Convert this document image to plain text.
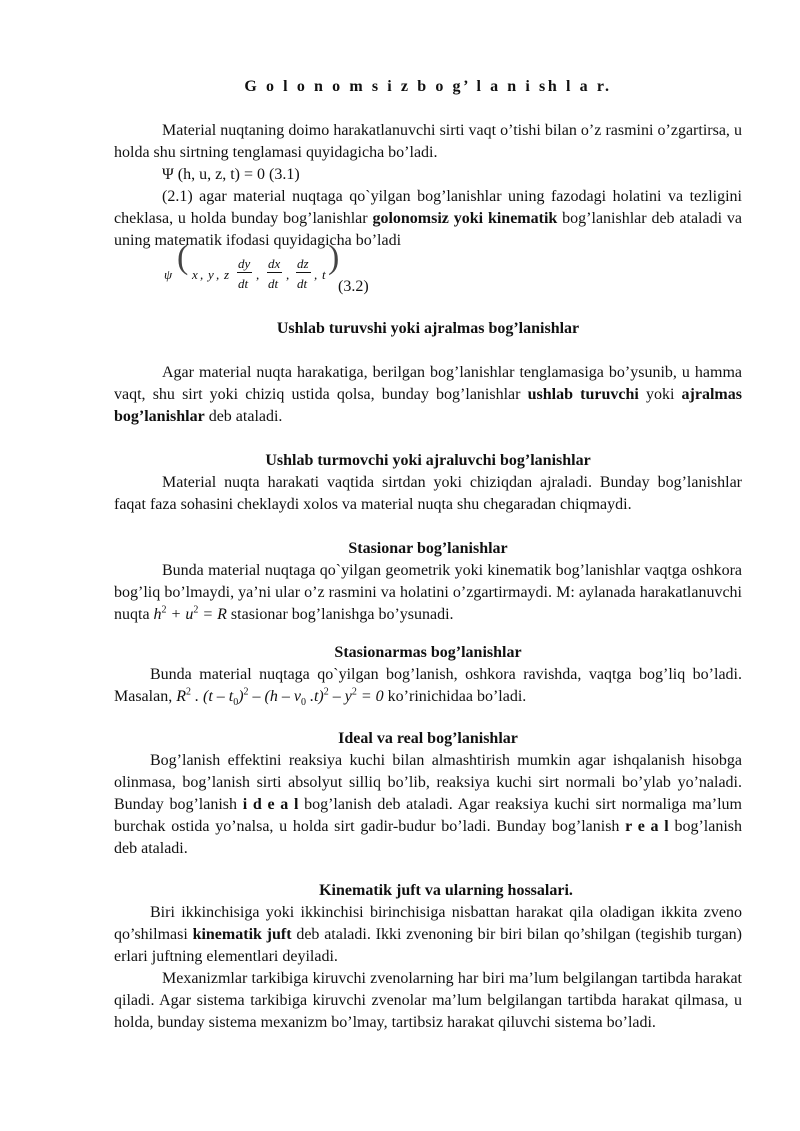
G o l o n o m s i z b o g’ l a n i sh l a r.

Material nuqtaning doimo harakatlanuvchi sirti vaqt o’tishi bilan o’z rasmini o’zgartirsa, u holda shu sirtning tenglamasi quyidagicha bo’ladi.

Ψ (h, u, z, t) = 0 (3.1)

(2.1) agar material nuqtaga qo`yilgan bog’lanishlar uning fazodagi holatini va tezligini cheklasa, u holda bunday bog’lanishlar golonomsiz yoki kinematik bog’lanishlar deb ataladi va uning matematik ifodasi quyidagicha bo’ladi

ψ ( x , y , z
dy
dt
,
dx
dt
,
dz
dt
, t )

(3.2)

Ushlab turuvshi yoki ajralmas bog’lanishlar

Agar material nuqta harakatiga, berilgan bog’lanishlar tenglamasiga bo’ysunib, u hamma vaqt, shu sirt yoki chiziq ustida qolsa, bunday bog’lanishlar ushlab turuvchi yoki ajralmas bog’lanishlar deb ataladi.

Ushlab turmovchi yoki ajraluvchi bog’lanishlar

Material nuqta harakati vaqtida sirtdan yoki chiziqdan ajraladi. Bunday bog’lanishlar faqat faza sohasini cheklaydi xolos va material nuqta shu chegaradan chiqmaydi.

Stasionar bog’lanishlar

Bunda material nuqtaga qo`yilgan geometrik yoki kinematik bog’lanishlar vaqtga oshkora bog’liq bo’lmaydi, ya’ni ular o’z rasmini va holatini o’zgartirmaydi. M: aylanada harakatlanuvchi nuqta $h^2 + u^2 = R$ stasionar bog’lanishga bo’ysunadi.

Stasionarmas bog’lanishlar

Bunda material nuqtaga qo`yilgan bog’lanish, oshkora ravishda, vaqtga bog’liq bo’ladi. Masalan, $R^2$ . $(t - t_0)^2 - (h - v_0$ $.t)^2 - y^2 = 0$ ko’rinichidaa bo’ladi.

Ideal va real bog’lanishlar

Bog’lanish effektini reaksiya kuchi bilan almashtirish mumkin agar ishqalanish hisobga olinmasa, bog’lanish sirti absolyut silliq bo’lib, reaksiya kuchi sirt normali bo’ylab yo’naladi. Bunday bog’lanish i d e a l bog’lanish deb ataladi. Agar reaksiya kuchi sirt normaliga ma’lum burchak ostida yo’nalsa, u holda sirt gadir-budur bo’ladi. Bunday bog’lanish r e a l bog’lanish deb ataladi.

Kinematik juft va ularning hossalari.

Biri ikkinchisiga yoki ikkinchisi birinchisiga nisbattan harakat qila oladigan ikkita zveno qo’shilmasi kinematik juft deb ataladi. Ikki zvenoning bir biri bilan qo’shilgan (tegishib turgan) erlari juftning elementlari deyiladi.

Mexanizmlar tarkibiga kiruvchi zvenolarning har biri ma’lum belgilangan tartibda harakat qiladi. Agar sistema tarkibiga kiruvchi zvenolar ma’lum belgilangan tartibda harakat qilmasa, u holda, bunday sistema mexanizm bo’lmay, tartibsiz harakat qiluvchi sistema bo’ladi.
